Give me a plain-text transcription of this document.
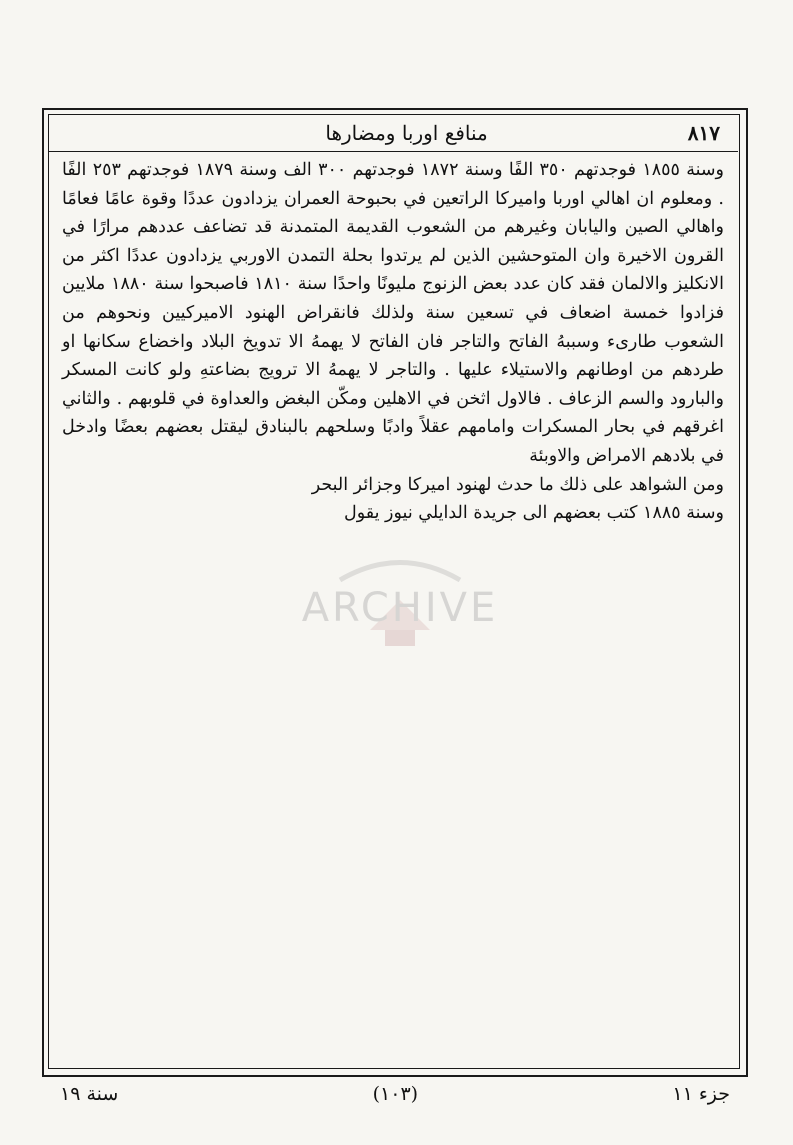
٨١٧
منافع اوربا ومضارها

وسنة ١٨٥٥ فوجدتهم ٣٥٠ الفًا وسنة ١٨٧٢ فوجدتهم ٣٠٠ الف وسنة ١٨٧٩ فوجدتهم ٢٥٣ الفًا . ومعلوم ان اهالي اوربا واميركا الراتعين في بحبوحة العمران يزدادون عددًا وقوة عامًا فعامًا واهالي الصين واليابان وغيرهم من الشعوب القديمة المتمدنة قد تضاعف عددهم مرارًا في القرون الاخيرة وان المتوحشين الذين لم يرتدوا بحلة التمدن الاوربي يزدادون عددًا اكثر من الانكليز والالمان فقد كان عدد بعض الزنوج مليونًا واحدًا سنة ١٨١٠ فاصبحوا سنة ١٨٨٠ ملايين فزادوا خمسة اضعاف في تسعين سنة ولذلك فانقراض الهنود الاميركيين ونحوهم من الشعوب طارىء وسببهُ الفاتح والتاجر فان الفاتح لا يهمهُ الا تدويخ البلاد واخضاع سكانها او طردهم من اوطانهم والاستيلاء عليها . والتاجر لا يهمهُ الا ترويج بضاعتهِ ولو كانت المسكر والبارود والسم الزعاف . فالاول اثخن في الاهلين ومكّن البغض والعداوة في قلوبهم . والثاني اغرقهم في بحار المسكرات وامامهم عقلاً وادبًا وسلحهم بالبنادق ليقتل بعضهم بعضًا وادخل في بلادهم الامراض والاوبئة

ومن الشواهد على ذلك ما حدث لهنود اميركا وجزائر البحر

وسنة ١٨٨٥ كتب بعضهم الى جريدة الدايلي نيوز يقول

ARCHIVE
جزء ١١
(١٠٣)
سنة ١٩
